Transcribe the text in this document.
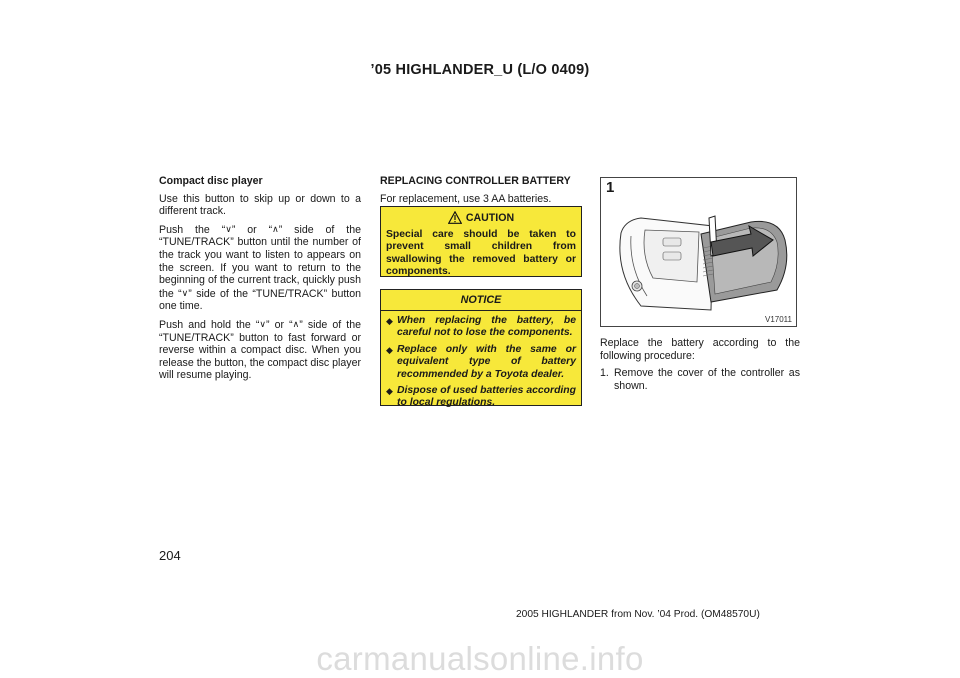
’05 HIGHLANDER_U (L/O 0409)

Compact disc player

Use this button to skip up or down to a different track.

Push the “∨” or “∧” side of the “TUNE/TRACK” button until the number of the track you want to listen to appears on the screen. If you want to return to the beginning of the current track, quickly push the “∨” side of the “TUNE/TRACK” button one time.

Push and hold the “∨” or “∧” side of the “TUNE/TRACK” button to fast forward or reverse within a compact disc. When you release the button, the compact disc player will resume playing.

REPLACING CONTROLLER BATTERY

For replacement, use 3 AA batteries.

CAUTION
Special care should be taken to prevent small children from swallowing the removed battery or components.
NOTICE
◆ When replacing the battery, be careful not to lose the components.
◆ Replace only with the same or equivalent type of battery recommended by a Toyota dealer.
◆ Dispose of used batteries according to local regulations.
1
V17011

Replace the battery according to the following procedure:

1. Remove the cover of the controller as shown.

204
2005 HIGHLANDER from Nov. ’04 Prod. (OM48570U)
carmanualsonline.info
